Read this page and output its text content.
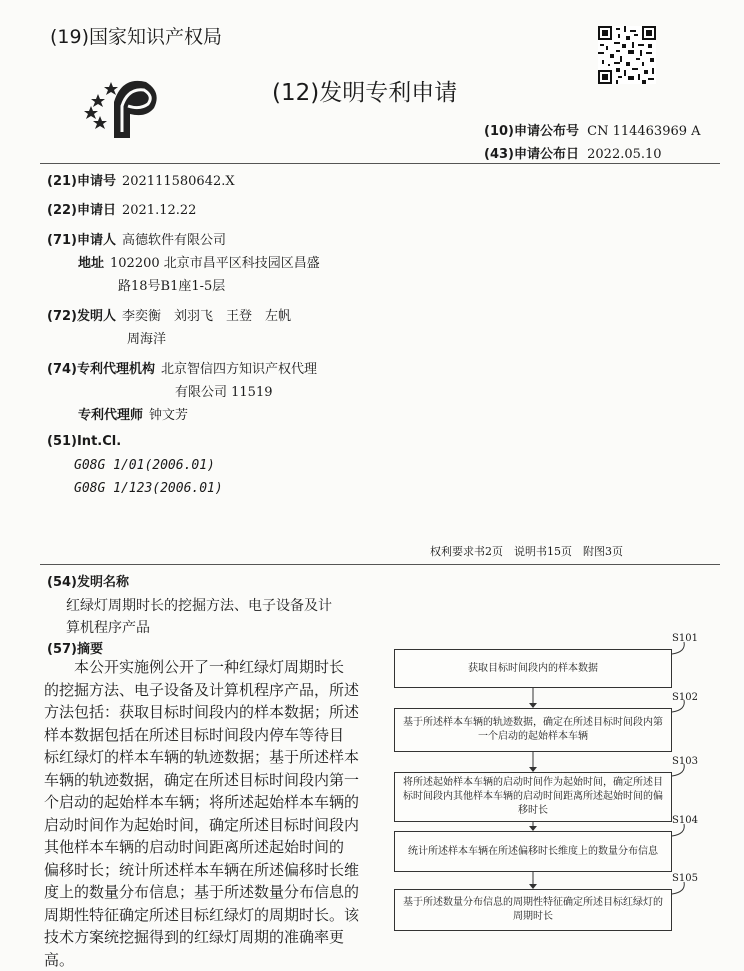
(19)国家知识产权局
(12)发明专利申请
(10)申请公布号 CN 114463969 A
(43)申请公布日 2022.05.10
(21)申请号 202111580642.X
(22)申请日 2021.12.22
(71)申请人 高德软件有限公司
地址 102200 北京市昌平区科技园区昌盛
路18号B1座1-5层
(72)发明人 李奕衡　刘羽飞　王登　左帆
周海洋
(74)专利代理机构 北京智信四方知识产权代理
有限公司 11519
专利代理师 钟文芳
(51)Int.Cl.
G08G 1/01(2006.01)
G08G 1/123(2006.01)
权利要求书2页　说明书15页　附图3页
(54)发明名称
红绿灯周期时长的挖掘方法、电子设备及计
算机程序产品
(57)摘要
　　本公开实施例公开了一种红绿灯周期时长
的挖掘方法、电子设备及计算机程序产品，所述
方法包括：获取目标时间段内的样本数据；所述
样本数据包括在所述目标时间段内停车等待目
标红绿灯的样本车辆的轨迹数据；基于所述样本
车辆的轨迹数据，确定在所述目标时间段内第一
个启动的起始样本车辆；将所述起始样本车辆的
启动时间作为起始时间，确定所述目标时间段内
其他样本车辆的启动时间距离所述起始时间的
偏移时长；统计所述样本车辆在所述偏移时长维
度上的数量分布信息；基于所述数量分布信息的
周期性特征确定所述目标红绿灯的周期时长。该
技术方案统挖掘得到的红绿灯周期的准确率更
高。
获取目标时间段内的样本数据
S101
基于所述样本车辆的轨迹数据，确定在所述目标时间段内第
一个启动的起始样本车辆
S102
将所述起始样本车辆的启动时间作为起始时间，确定所述目
标时间段内其他样本车辆的启动时间距离所述起始时间的偏
移时长
S103
统计所述样本车辆在所述偏移时长维度上的数量分布信息
S104
基于所述数量分布信息的周期性特征确定所述目标红绿灯的
周期时长
S105
